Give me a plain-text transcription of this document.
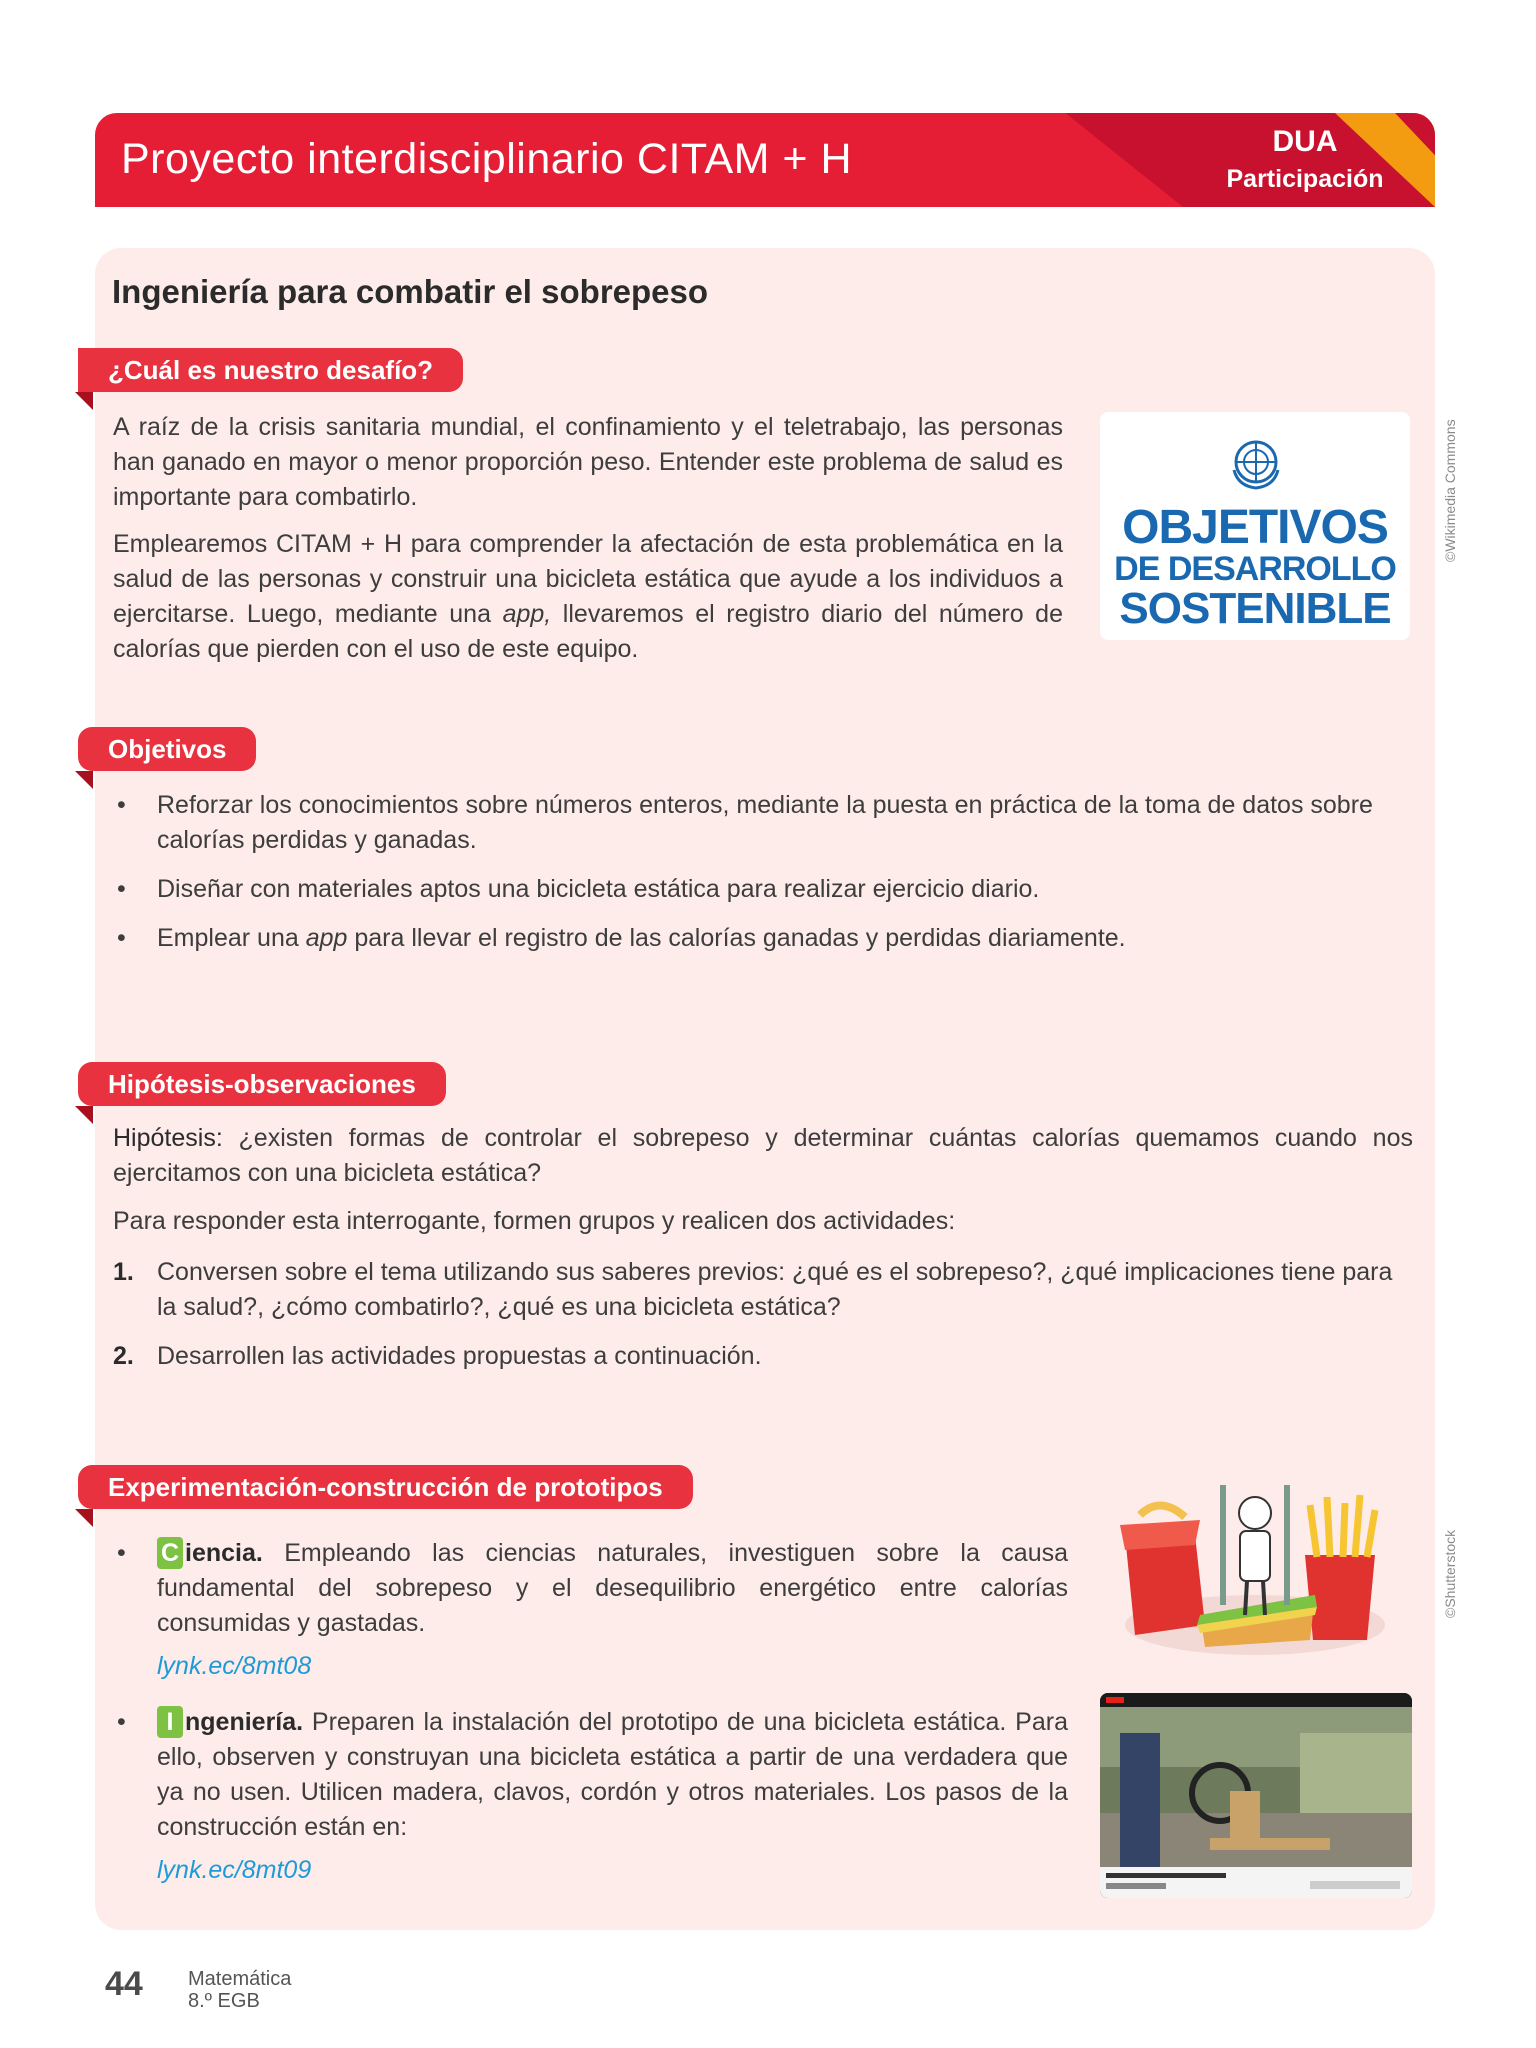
Proyecto interdisciplinario CITAM + H	DUA
Participación
Ingeniería para combatir el sobrepeso
¿Cuál es nuestro desafío?
A raíz de la crisis sanitaria mundial, el confinamiento y el teletrabajo, las personas han ganado en mayor o menor proporción peso. Entender este problema de salud es importante para combatirlo.
Emplearemos CITAM + H para comprender la afectación de esta problemática en la salud de las personas y construir una bicicleta estática que ayude a los individuos a ejercitarse. Luego, mediante una app, llevaremos el registro diario del número de calorías que pierden con el uso de este equipo.
OBJETIVOS
DE DESARROLLO
SOSTENIBLE
©Wikimedia Commons
Objetivos
• Reforzar los conocimientos sobre números enteros, mediante la puesta en práctica de la toma de datos sobre calorías perdidas y ganadas.
• Diseñar con materiales aptos una bicicleta estática para realizar ejercicio diario.
• Emplear una app para llevar el registro de las calorías ganadas y perdidas diariamente.
Hipótesis-observaciones
Hipótesis: ¿existen formas de controlar el sobrepeso y determinar cuántas calorías quemamos cuando nos ejercitamos con una bicicleta estática?
Para responder esta interrogante, formen grupos y realicen dos actividades:
1. Conversen sobre el tema utilizando sus saberes previos: ¿qué es el sobrepeso?, ¿qué implicaciones tiene para la salud?, ¿cómo combatirlo?, ¿qué es una bicicleta estática?
2. Desarrollen las actividades propuestas a continuación.
Experimentación-construcción de prototipos
•	C iencia. Empleando las ciencias naturales, investiguen sobre la causa fundamental del sobrepeso y el desequilibrio energético entre calorías consumidas y gastadas.
lynk.ec/8mt08
•	I ngeniería. Preparen la instalación del prototipo de una bicicleta estática. Para ello, observen y construyan una bicicleta estática a partir de una verdadera que ya no usen. Utilicen madera, clavos, cordón y otros materiales. Los pasos de la construcción están en:
lynk.ec/8mt09
©Shutterstock
44 Matemática
8.º EGB
